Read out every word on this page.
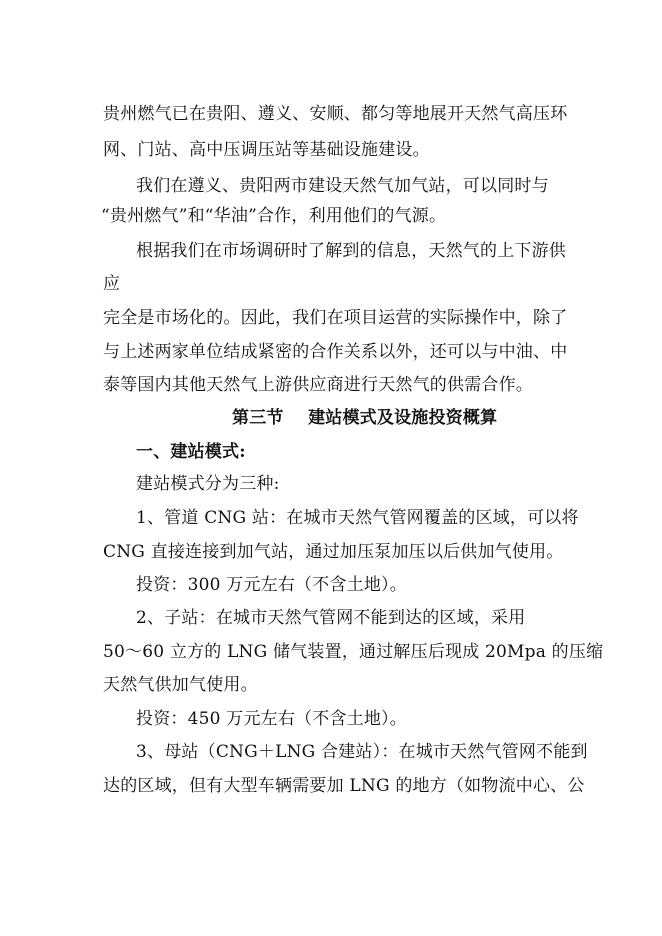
贵州燃气已在贵阳、遵义、安顺、都匀等地展开天然气高压环
网、门站、高中压调压站等基础设施建设。
我们在遵义、贵阳两市建设天然气加气站，可以同时与
“贵州燃气”和“华油”合作，利用他们的气源。
根据我们在市场调研时了解到的信息，天然气的上下游供
应
完全是市场化的。因此，我们在项目运营的实际操作中，除了
与上述两家单位结成紧密的合作关系以外，还可以与中油、中
泰等国内其他天然气上游供应商进行天然气的供需合作。
第三节    建站模式及设施投资概算
一、建站模式:
建站模式分为三种:
1、管道 CNG 站：在城市天然气管网覆盖的区域，可以将
CNG 直接连接到加气站，通过加压泵加压以后供加气使用。
投资：300 万元左右（不含土地）。
2、子站：在城市天然气管网不能到达的区域，采用
50～60 立方的 LNG 储气装置，通过解压后现成 20Mpa 的压缩
天然气供加气使用。
投资：450 万元左右（不含土地）。
3、母站（CNG＋LNG 合建站）：在城市天然气管网不能到
达的区域，但有大型车辆需要加 LNG 的地方（如物流中心、公
